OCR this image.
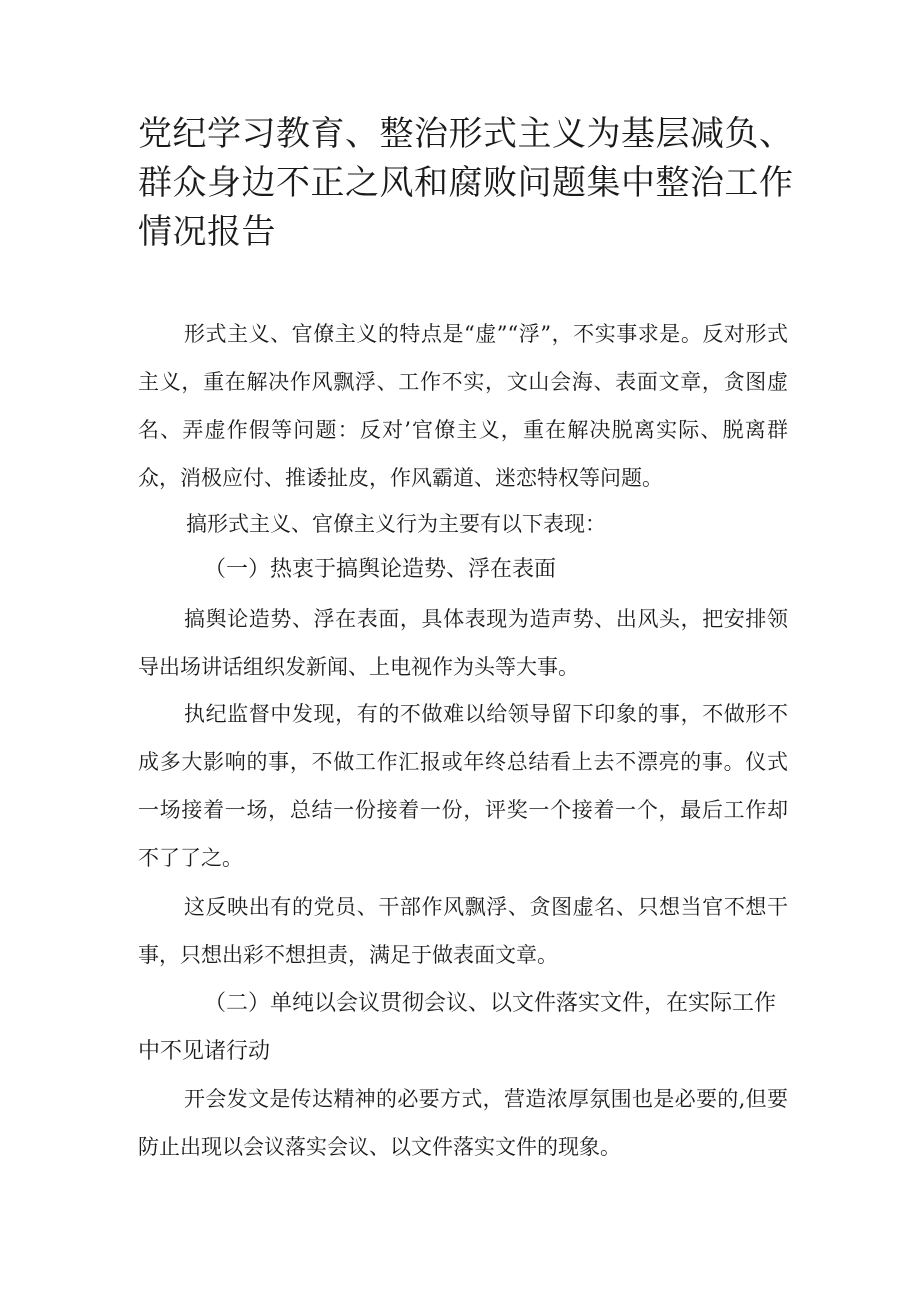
党纪学习教育、整治形式主义为基层减负、
群众身边不正之风和腐败问题集中整治工作
情况报告

形式主义、官僚主义的特点是“虚”“浮”，不实事求是。反对形式主义，重在解决作风飘浮、工作不实，文山会海、表面文章，贪图虚名、弄虚作假等问题：反对’官僚主义，重在解决脱离实际、脱离群众，消极应付、推诿扯皮，作风霸道、迷恋特权等问题。

搞形式主义、官僚主义行为主要有以下表现：

（一）热衷于搞舆论造势、浮在表面

搞舆论造势、浮在表面，具体表现为造声势、出风头，把安排领导出场讲话组织发新闻、上电视作为头等大事。

执纪监督中发现，有的不做难以给领导留下印象的事，不做形不成多大影响的事，不做工作汇报或年终总结看上去不漂亮的事。仪式一场接着一场，总结一份接着一份，评奖一个接着一个，最后工作却不了了之。

这反映出有的党员、干部作风飘浮、贪图虚名、只想当官不想干事，只想出彩不想担责，满足于做表面文章。

（二）单纯以会议贯彻会议、以文件落实文件，在实际工作中不见诸行动

开会发文是传达精神的必要方式，营造浓厚氛围也是必要的,但要防止出现以会议落实会议、以文件落实文件的现象。
